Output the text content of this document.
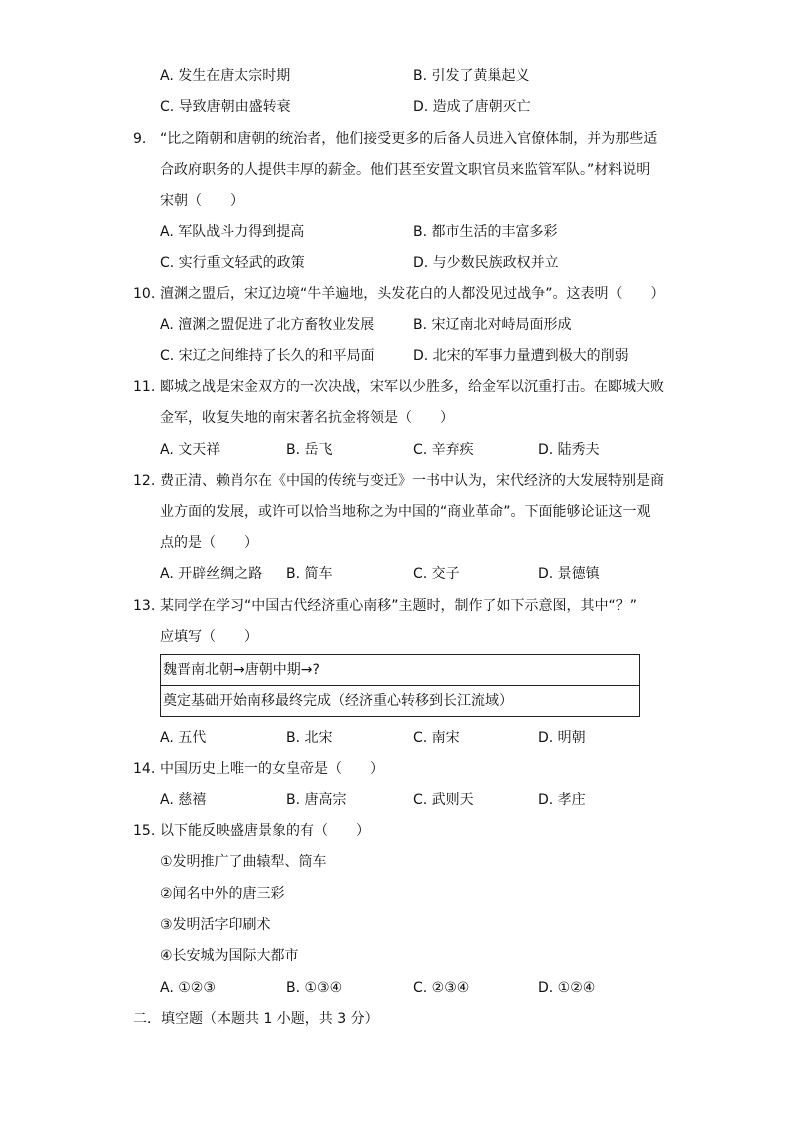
A. 发生在唐太宗时期	B. 引发了黄巢起义
C. 导致唐朝由盛转衰	D. 造成了唐朝灭亡
9. “比之隋朝和唐朝的统治者，他们接受更多的后备人员进入官僚体制，并为那些适
合政府职务的人提供丰厚的薪金。他们甚至安置文职官员来监管军队。”材料说明
宋朝（　　）
A. 军队战斗力得到提高	B. 都市生活的丰富多彩
C. 实行重文轻武的政策	D. 与少数民族政权并立
10. 澶渊之盟后，宋辽边境“牛羊遍地，头发花白的人都没见过战争”。这表明（　　）
A. 澶渊之盟促进了北方畜牧业发展	B. 宋辽南北对峙局面形成
C. 宋辽之间维持了长久的和平局面	D. 北宋的军事力量遭到极大的削弱
11. 郾城之战是宋金双方的一次决战，宋军以少胜多，给金军以沉重打击。在郾城大败
金军，收复失地的南宋著名抗金将领是（　　）
A. 文天祥	B. 岳飞	C. 辛弃疾	D. 陆秀夫
12. 费正清、赖肖尔在《中国的传统与变迁》一书中认为，宋代经济的大发展特别是商
业方面的发展，或许可以恰当地称之为中国的“商业革命”。下面能够论证这一观
点的是（　　）
A. 开辟丝绸之路 B. 简车	C. 交子	D. 景德镇
13. 某同学在学习“中国古代经济重心南移”主题时，制作了如下示意图，其中“？”
应填写（　　）
魏晋南北朝→唐朝中期→?
奠定基础开始南移最终完成（经济重心转移到长江流域）
A. 五代	B. 北宋	C. 南宋	D. 明朝
14. 中国历史上唯一的女皇帝是（　　）
A. 慈禧	B. 唐高宗	C. 武则天	D. 孝庄
15. 以下能反映盛唐景象的有（　　）
①发明推广了曲辕犁、筒车
②闻名中外的唐三彩
③发明活字印刷术
④长安城为国际大都市
A. ①②③	B. ①③④	C. ②③④	D. ①②④
二．填空题（本题共 1 小题，共 3 分）
